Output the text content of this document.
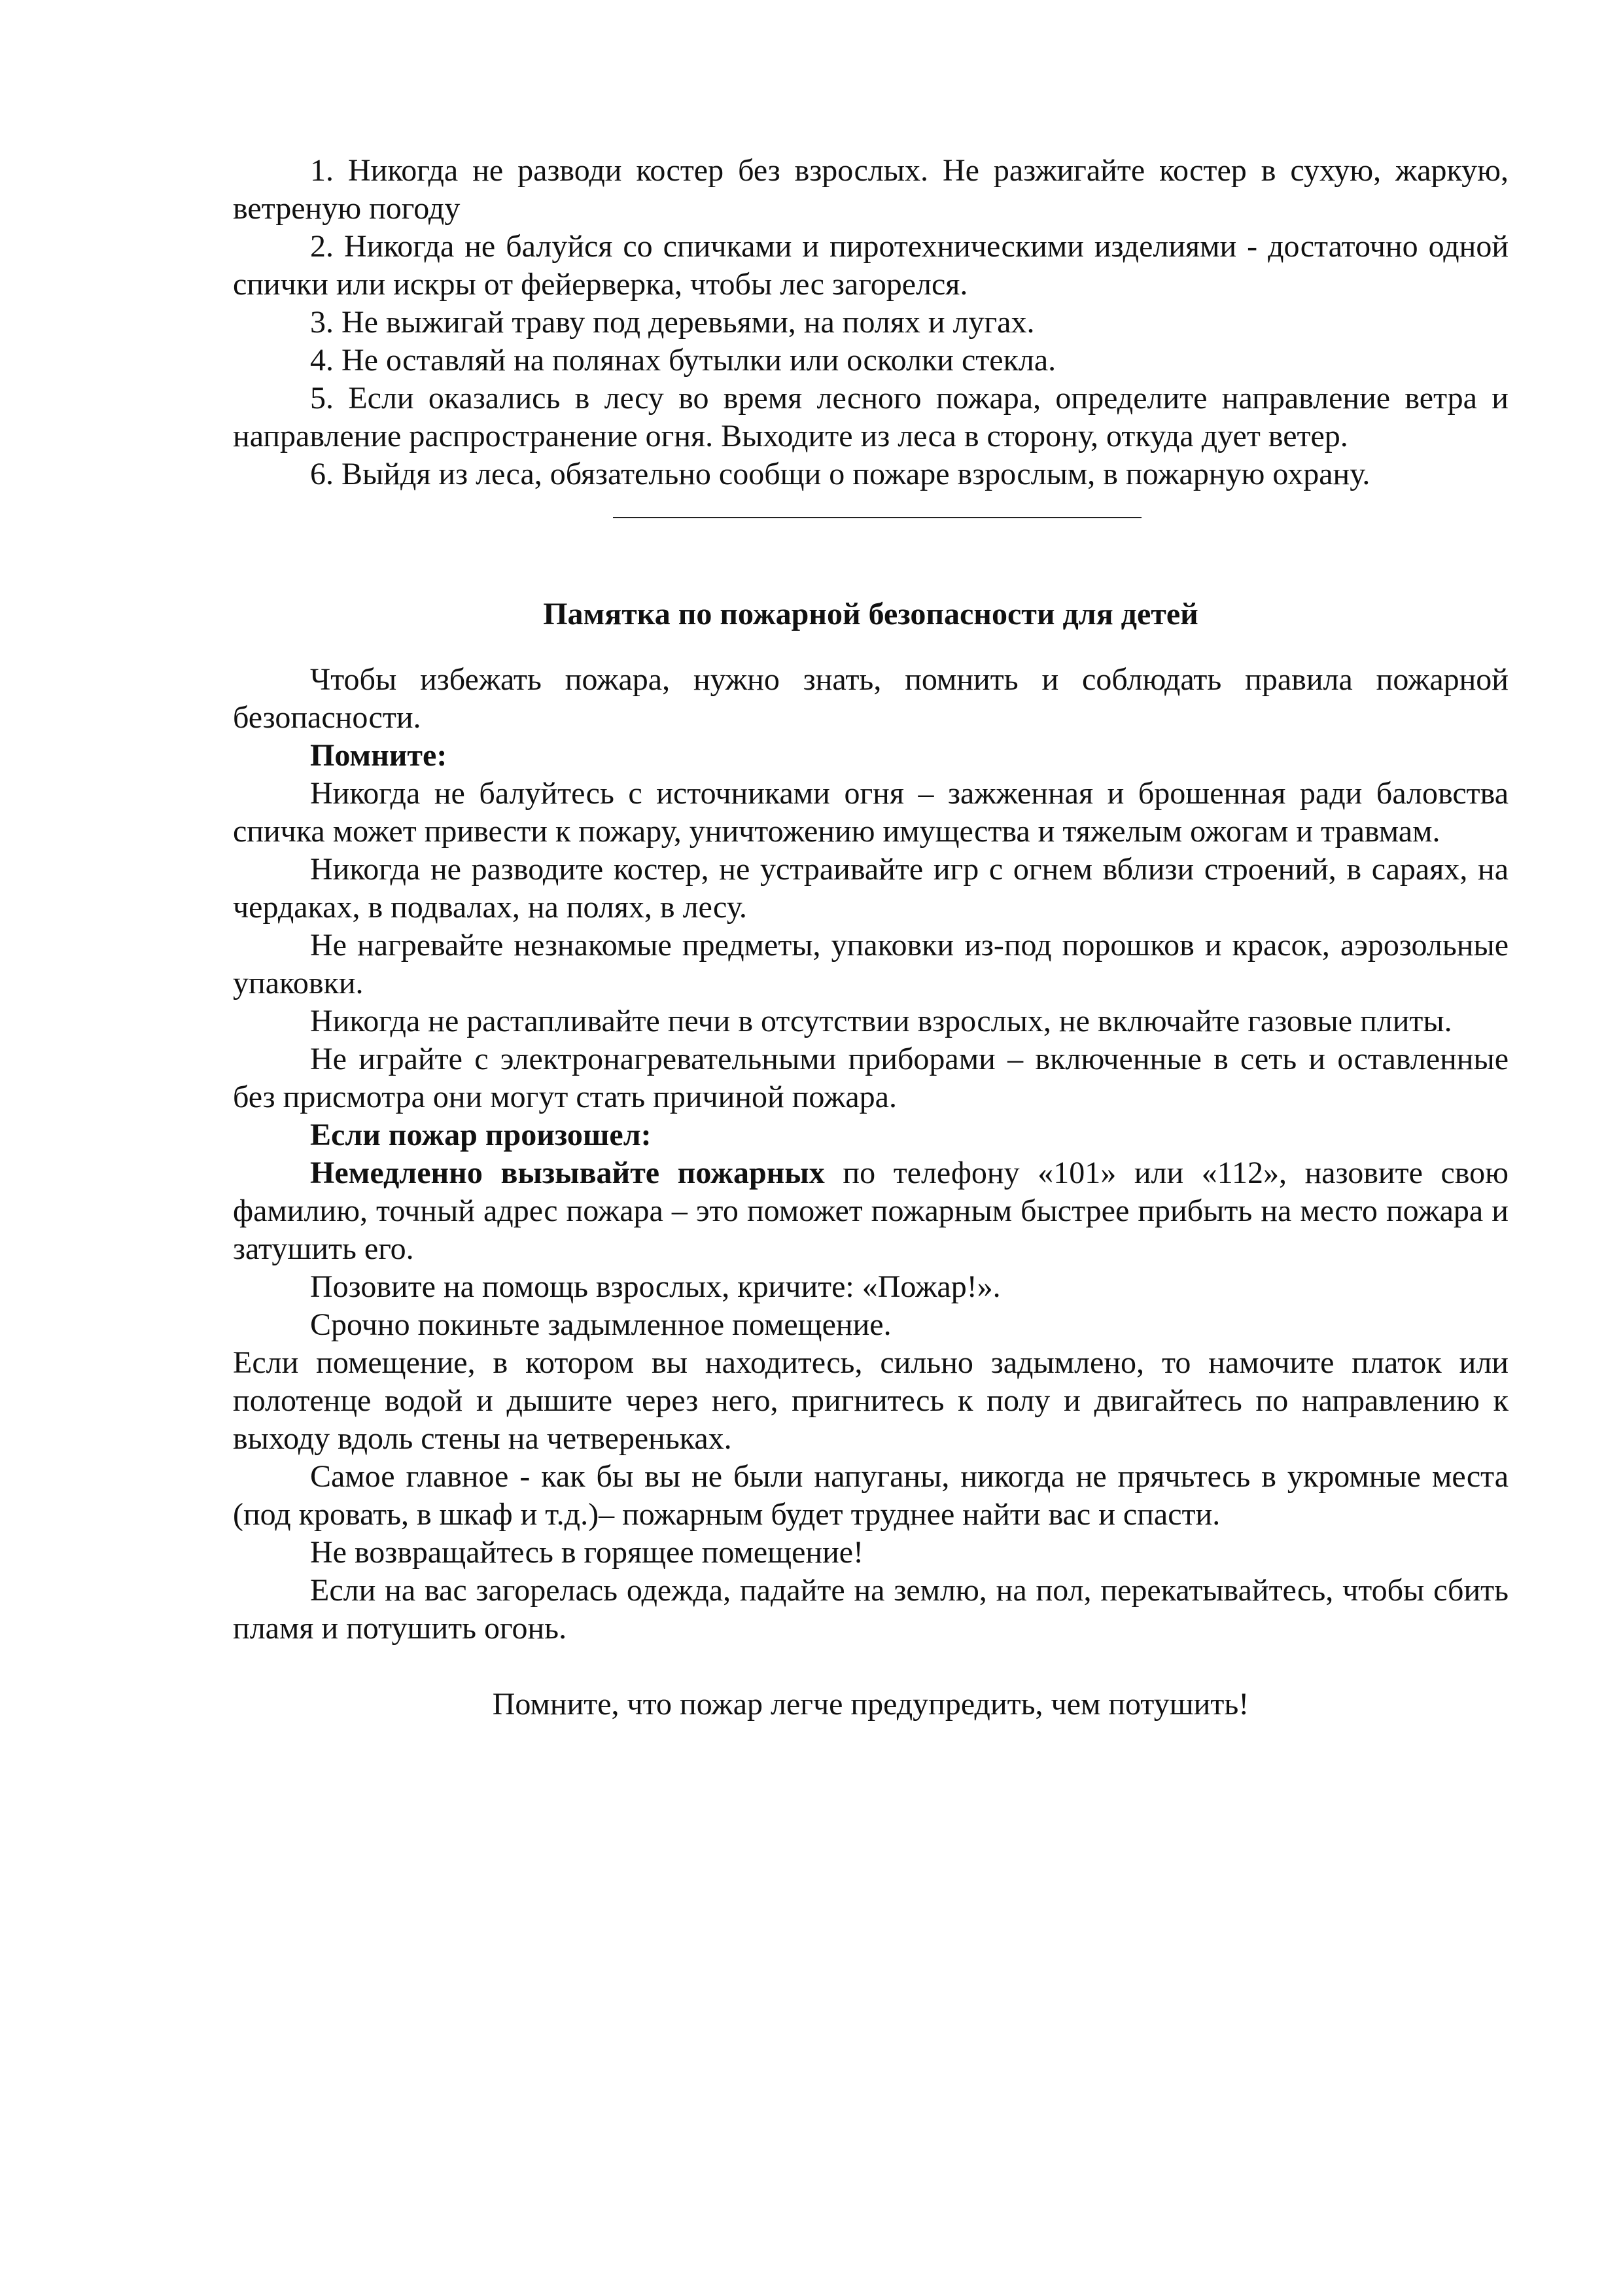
1. Никогда не разводи костер без взрослых. Не разжигайте костер в сухую, жаркую, ветреную погоду

2. Никогда не балуйся со спичками и пиротехническими изделиями - достаточно одной спички или искры от фейерверка, чтобы лес загорелся.

3. Не выжигай траву под деревьями, на полях и лугах.

4. Не оставляй на полянах бутылки или осколки стекла.

5. Если оказались в лесу во время лесного пожара, определите направление ветра и направление распространение огня. Выходите из леса в сторону, откуда дует ветер.

6. Выйдя из леса, обязательно сообщи о пожаре взрослым, в пожарную охрану.

Памятка по пожарной безопасности для детей

Чтобы избежать пожара, нужно знать, помнить и соблюдать правила пожарной безопасности.

Помните:

Никогда не балуйтесь с источниками огня – зажженная и брошенная ради баловства спичка может привести к пожару, уничтожению имущества и тяжелым ожогам и травмам.

Никогда не разводите костер, не устраивайте игр с огнем вблизи строений, в сараях, на чердаках, в подвалах, на полях, в лесу.

Не нагревайте незнакомые предметы, упаковки из-под порошков и красок, аэрозольные упаковки.

Никогда не растапливайте печи в отсутствии взрослых, не включайте газовые плиты.

Не играйте с электронагревательными приборами – включенные в сеть и оставленные без присмотра они могут стать причиной пожара.

Если пожар произошел:

Немедленно вызывайте пожарных по телефону «101» или «112», назовите свою фамилию, точный адрес пожара – это поможет пожарным быстрее прибыть на место пожара и затушить его.

Позовите на помощь взрослых, кричите: «Пожар!».

Срочно покиньте задымленное помещение.

Если помещение, в котором вы находитесь, сильно задымлено, то намочите платок или полотенце водой и дышите через него, пригнитесь к полу и двигайтесь по направлению к выходу вдоль стены на четвереньках.

Самое главное - как бы вы не были напуганы, никогда не прячьтесь в укромные места (под кровать, в шкаф и т.д.)– пожарным будет труднее найти вас и спасти.

Не возвращайтесь в горящее помещение!

Если на вас загорелась одежда, падайте на землю, на пол, перекатывайтесь, чтобы сбить пламя и потушить огонь.

Помните, что пожар легче предупредить, чем потушить!
